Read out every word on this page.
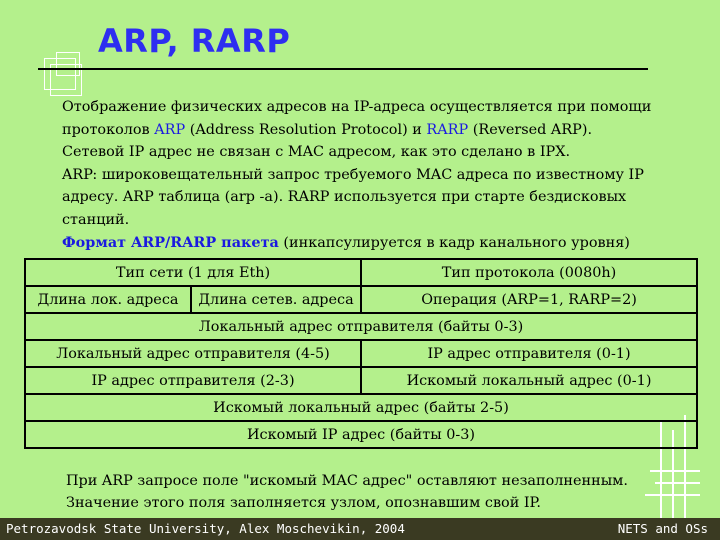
ARP, RARP
Отображение физических адресов на IP-адреса осуществляется при помощи
протоколов ARP (Address Resolution Protocol) и RARP (Reversed ARP).
Сетевой IP адрес не связан с MAC адресом, как это сделано в IPX.
ARP: широковещательный запрос требуемого MAC адреса по известному IP
адресу. ARP таблица (arp -a). RARP используется при старте бездисковых
станций.
Формат ARP/RARP пакета (инкапсулируется в кадр канального уровня)
Тип сети (1 для Eth)		Тип протокола (0080h)
Длина лок. адреса	Длина сетев. адреса	Операция (ARP=1, RARP=2)
Локальный адрес отправителя (байты 0-3)		
Локальный адрес отправителя (4-5)		IP адрес отправителя (0-1)
IP адрес отправителя (2-3)		Искомый локальный адрес (0-1)
Искомый локальный адрес (байты 2-5)		
Искомый IP адрес (байты 0-3)		
При ARP запросе поле "искомый MAC адрес" оставляют незаполненным.
Значение этого поля заполняется узлом, опознавшим свой IP.
Petrozavodsk State University, Alex Moschevikin, 2004	NETS and OSs
